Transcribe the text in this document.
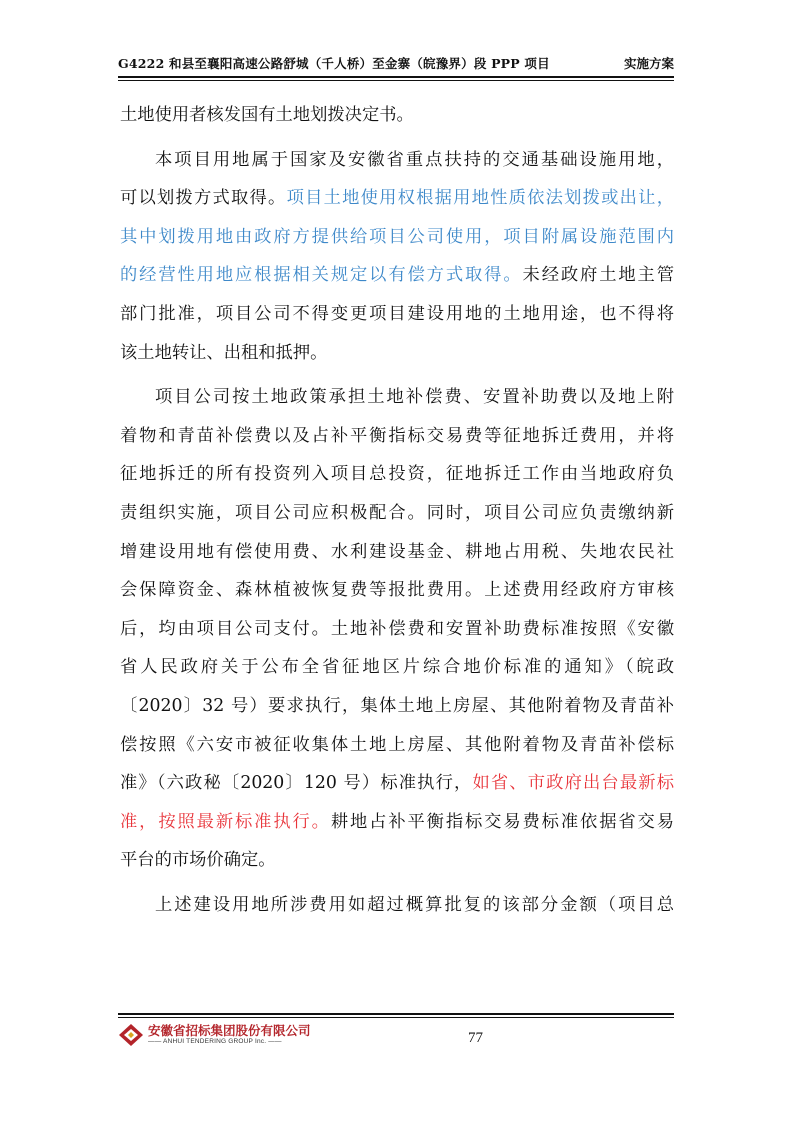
G4222 和县至襄阳高速公路舒城（千人桥）至金寨（皖豫界）段 PPP 项目	实施方案
土地使用者核发国有土地划拨决定书。
本项目用地属于国家及安徽省重点扶持的交通基础设施用地，
可以划拨方式取得。项目土地使用权根据用地性质依法划拨或出让，
其中划拨用地由政府方提供给项目公司使用，项目附属设施范围内
的经营性用地应根据相关规定以有偿方式取得。未经政府土地主管
部门批准，项目公司不得变更项目建设用地的土地用途，也不得将
该土地转让、出租和抵押。
项目公司按土地政策承担土地补偿费、安置补助费以及地上附
着物和青苗补偿费以及占补平衡指标交易费等征地拆迁费用，并将
征地拆迁的所有投资列入项目总投资，征地拆迁工作由当地政府负
责组织实施，项目公司应积极配合。同时，项目公司应负责缴纳新
增建设用地有偿使用费、水利建设基金、耕地占用税、失地农民社
会保障资金、森林植被恢复费等报批费用。上述费用经政府方审核
后，均由项目公司支付。土地补偿费和安置补助费标准按照《安徽
省人民政府关于公布全省征地区片综合地价标准的通知》（皖政
〔2020〕32 号）要求执行，集体土地上房屋、其他附着物及青苗补
偿按照《六安市被征收集体土地上房屋、其他附着物及青苗补偿标
准》（六政秘〔2020〕120 号）标准执行，如省、市政府出台最新标
准，按照最新标准执行。耕地占补平衡指标交易费标准依据省交易
平台的市场价确定。
上述建设用地所涉费用如超过概算批复的该部分金额（项目总
安徽省招标集团股份有限公司
—— ANHUI TENDERING GROUP Inc. ——	77
